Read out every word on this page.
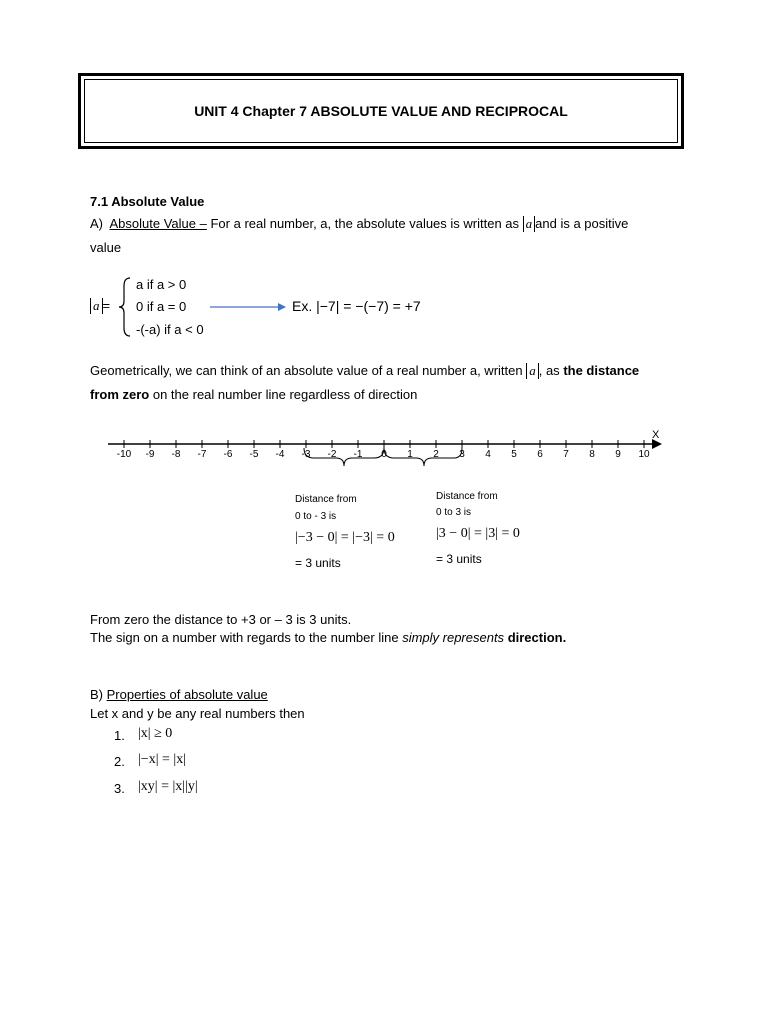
UNIT 4 Chapter 7 ABSOLUTE VALUE AND RECIPROCAL
7.1 Absolute Value
A) Absolute Value – For a real number, a, the absolute values is written as a and is a positive
value
a =
a if a > 0
0 if a = 0
-(-a) if a < 0
Ex. |−7| = −(−7) = +7
Geometrically, we can think of an absolute value of a real number a, written a , as the distance
from zero on the real number line regardless of direction
X
-10 -9 -8 -7 -6 -5 -4 -3 -2 -1 0 1 2 3 4 5 6 7 8 9 10
Distance from
0 to - 3 is
|−3 − 0| = |−3| = 0
= 3 units
Distance from
0 to 3 is
|3 − 0| = |3| = 0
= 3 units
From zero the distance to +3 or – 3 is 3 units.
The sign on a number with regards to the number line simply represents direction.
B) Properties of absolute value
Let x and y be any real numbers then
1. |x| ≥ 0
2. |−x| = |x|
3. |xy| = |x||y|
